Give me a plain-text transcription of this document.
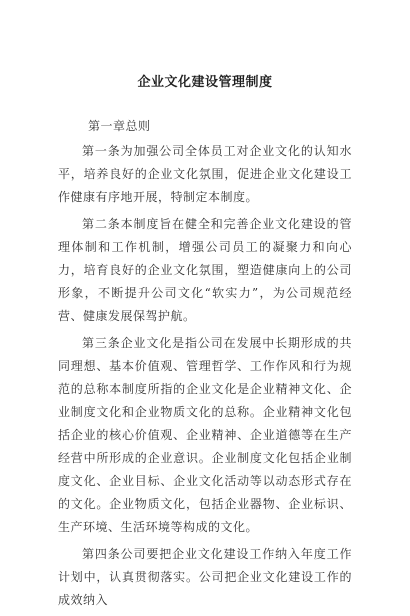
企业文化建设管理制度
第一章总则

第一条为加强公司全体员工对企业文化的认知水平，培养良好的企业文化氛围，促进企业文化建设工作健康有序地开展，特制定本制度。

第二条本制度旨在健全和完善企业文化建设的管理体制和工作机制，增强公司员工的凝聚力和向心力，培育良好的企业文化氛围，塑造健康向上的公司形象，不断提升公司文化“软实力”，为公司规范经营、健康发展保驾护航。

第三条企业文化是指公司在发展中长期形成的共同理想、基本价值观、管理哲学、工作作风和行为规范的总称本制度所指的企业文化是企业精神文化、企业制度文化和企业物质文化的总称。企业精神文化包括企业的核心价值观、企业精神、企业道德等在生产经营中所形成的企业意识。企业制度文化包括企业制度文化、企业目标、企业文化活动等以动态形式存在的文化。企业物质文化，包括企业器物、企业标识、生产环境、生活环境等构成的文化。

第四条公司要把企业文化建设工作纳入年度工作计划中，认真贯彻落实。公司把企业文化建设工作的成效纳入
